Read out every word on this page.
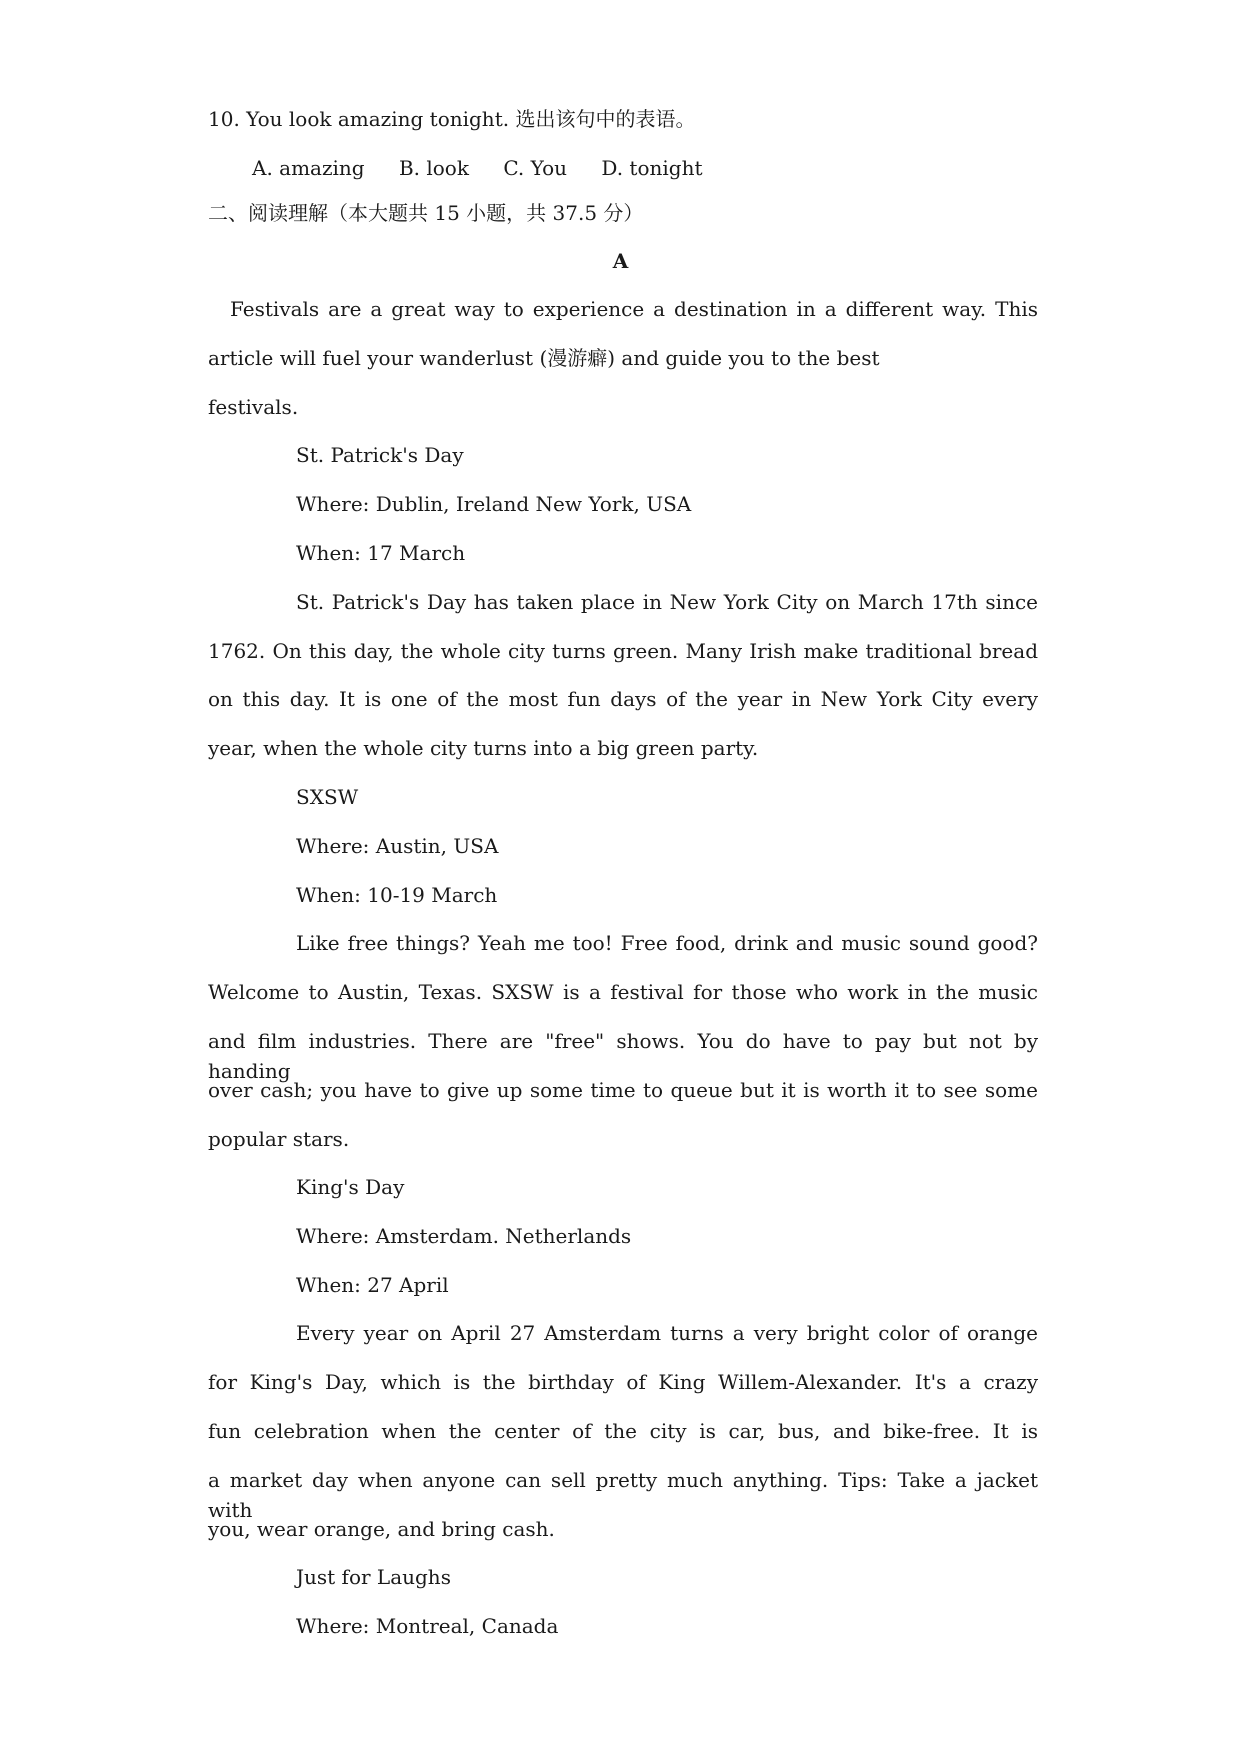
10. You look amazing tonight. 选出该句中的表语。
A. amazing B. look C. You D. tonight
二、阅读理解（本大题共 15 小题，共 37.5 分）
A
Festivals are a great way to experience a destination in a different way. This
article will fuel your wanderlust (漫游癖) and guide you to the best
festivals.
St. Patrick's Day
Where: Dublin, Ireland New York, USA
When: 17 March
St. Patrick's Day has taken place in New York City on March 17th since
1762. On this day, the whole city turns green. Many Irish make traditional bread
on this day. It is one of the most fun days of the year in New York City every
year, when the whole city turns into a big green party.
SXSW
Where: Austin, USA
When: 10-19 March
Like free things? Yeah me too! Free food, drink and music sound good?
Welcome to Austin, Texas. SXSW is a festival for those who work in the music
and film industries. There are "free" shows. You do have to pay but not by handing
over cash; you have to give up some time to queue but it is worth it to see some
popular stars.
King's Day
Where: Amsterdam. Netherlands
When: 27 April
Every year on April 27 Amsterdam turns a very bright color of orange
for King's Day, which is the birthday of King Willem-Alexander. It's a crazy
fun celebration when the center of the city is car, bus, and bike-free. It is
a market day when anyone can sell pretty much anything. Tips: Take a jacket with
you, wear orange, and bring cash.
Just for Laughs
Where: Montreal, Canada
